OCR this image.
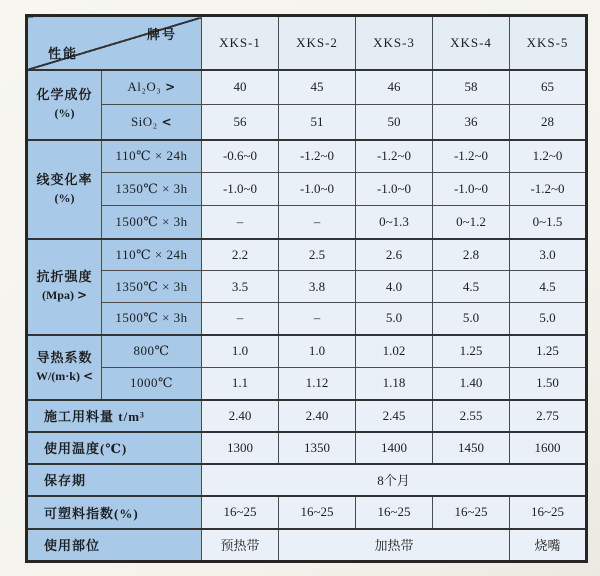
牌号
性能		XKS-1	XKS-2	XKS-3	XKS-4	XKS-5
化学成份
(%)	Al₂O₃ >	40	45	46	58	65
	SiO₂ <	56	51	50	36	28
线变化率
(%)	110℃ × 24h	-0.6~0	-1.2~0	-1.2~0	-1.2~0	1.2~0
	1350℃ × 3h	-1.0~0	-1.0~0	-1.0~0	-1.0~0	-1.2~0
	1500℃ × 3h	–	–	0~1.3	0~1.2	0~1.5
抗折强度
(Mpa) >	110℃ × 24h	2.2	2.5	2.6	2.8	3.0
	1350℃ × 3h	3.5	3.8	4.0	4.5	4.5
	1500℃ × 3h	–	–	5.0	5.0	5.0
导热系数
W/(m·k) <	800℃	1.0	1.0	1.02	1.25	1.25
	1000℃	1.1	1.12	1.18	1.40	1.50
施工用料量 t/m³		2.40	2.40	2.45	2.55	2.75
使用温度(℃)		1300	1350	1400	1450	1600
保存期		8个月				
可塑料指数(%)		16~25	16~25	16~25	16~25	16~25
使用部位		预热带	加热带			烧嘴
